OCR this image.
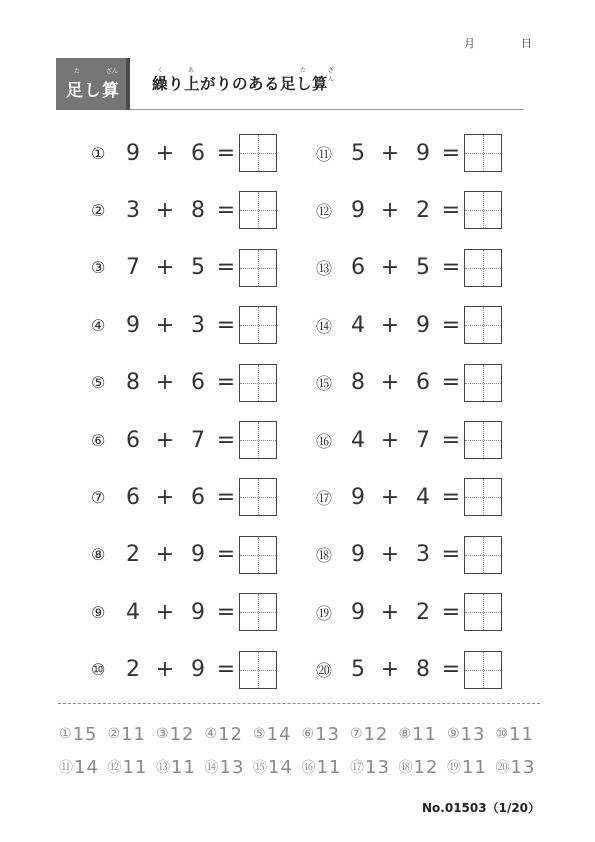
月	日
た	ざん
足し算
く	あ	た	ざん
繰り上がりのある足し算
① 9 + 6 =
② 3 + 8 =
③ 7 + 5 =
④ 9 + 3 =
⑤ 8 + 6 =
⑥ 6 + 7 =
⑦ 6 + 6 =
⑧ 2 + 9 =
⑨ 4 + 9 =
⑩ 2 + 9 =
⑪ 5 + 9 =
⑫ 9 + 2 =
⑬ 6 + 5 =
⑭ 4 + 9 =
⑮ 8 + 6 =
⑯ 4 + 7 =
⑰ 9 + 4 =
⑱ 9 + 3 =
⑲ 9 + 2 =
⑳ 5 + 8 =
① 15 ② 11 ③ 12 ④ 12 ⑤ 14 ⑥ 13 ⑦ 12 ⑧ 11 ⑨ 13 ⑩ 11
⑪ 14 ⑫ 11 ⑬ 11 ⑭ 13 ⑮ 14 ⑯ 11 ⑰ 13 ⑱ 12 ⑲ 11 ⑳ 13
No.01503（1/20）
